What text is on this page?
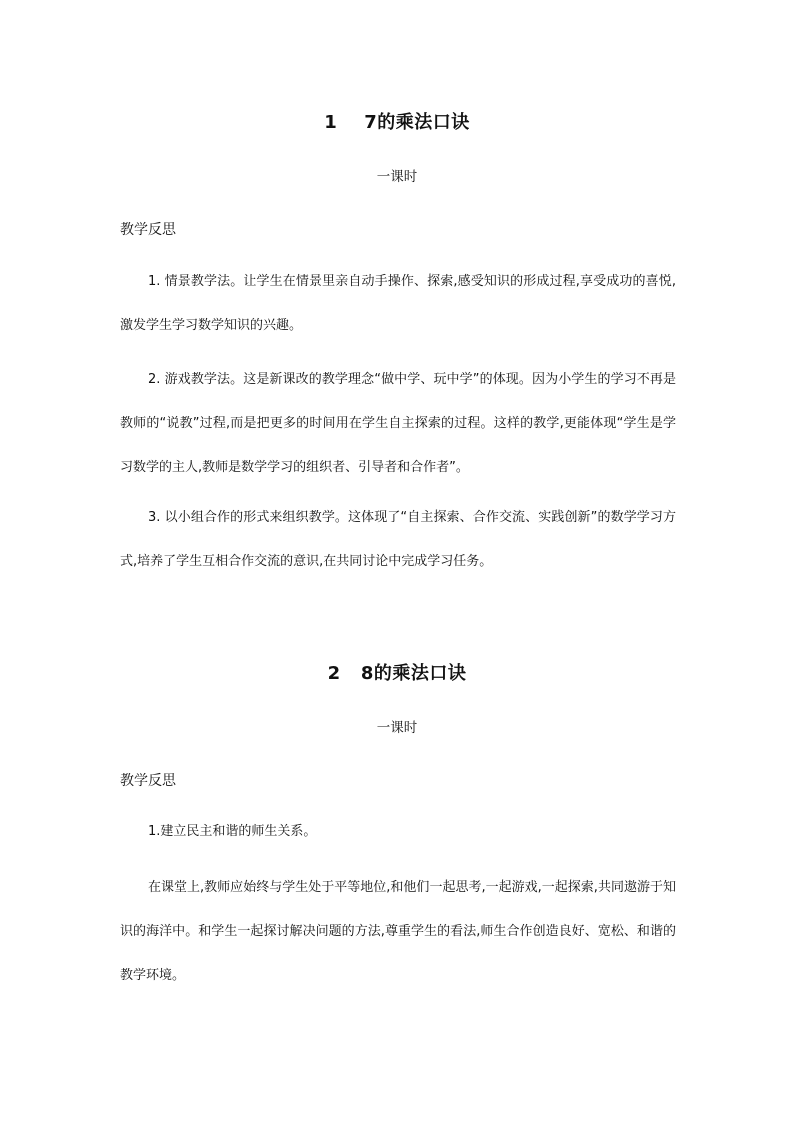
1    7的乘法口诀
一课时
教学反思

1. 情景教学法。让学生在情景里亲自动手操作、探索,感受知识的形成过程,享受成功的喜悦,激发学生学习数学知识的兴趣。

2. 游戏教学法。这是新课改的教学理念“做中学、玩中学”的体现。因为小学生的学习不再是教师的“说教”过程,而是把更多的时间用在学生自主探索的过程。这样的教学,更能体现“学生是学习数学的主人,教师是数学学习的组织者、引导者和合作者”。

3. 以小组合作的形式来组织教学。这体现了“自主探索、合作交流、实践创新”的数学学习方式,培养了学生互相合作交流的意识,在共同讨论中完成学习任务。

2   8的乘法口诀
一课时
教学反思

1.建立民主和谐的师生关系。

在课堂上,教师应始终与学生处于平等地位,和他们一起思考,一起游戏,一起探索,共同遨游于知识的海洋中。和学生一起探讨解决问题的方法,尊重学生的看法,师生合作创造良好、宽松、和谐的教学环境。
